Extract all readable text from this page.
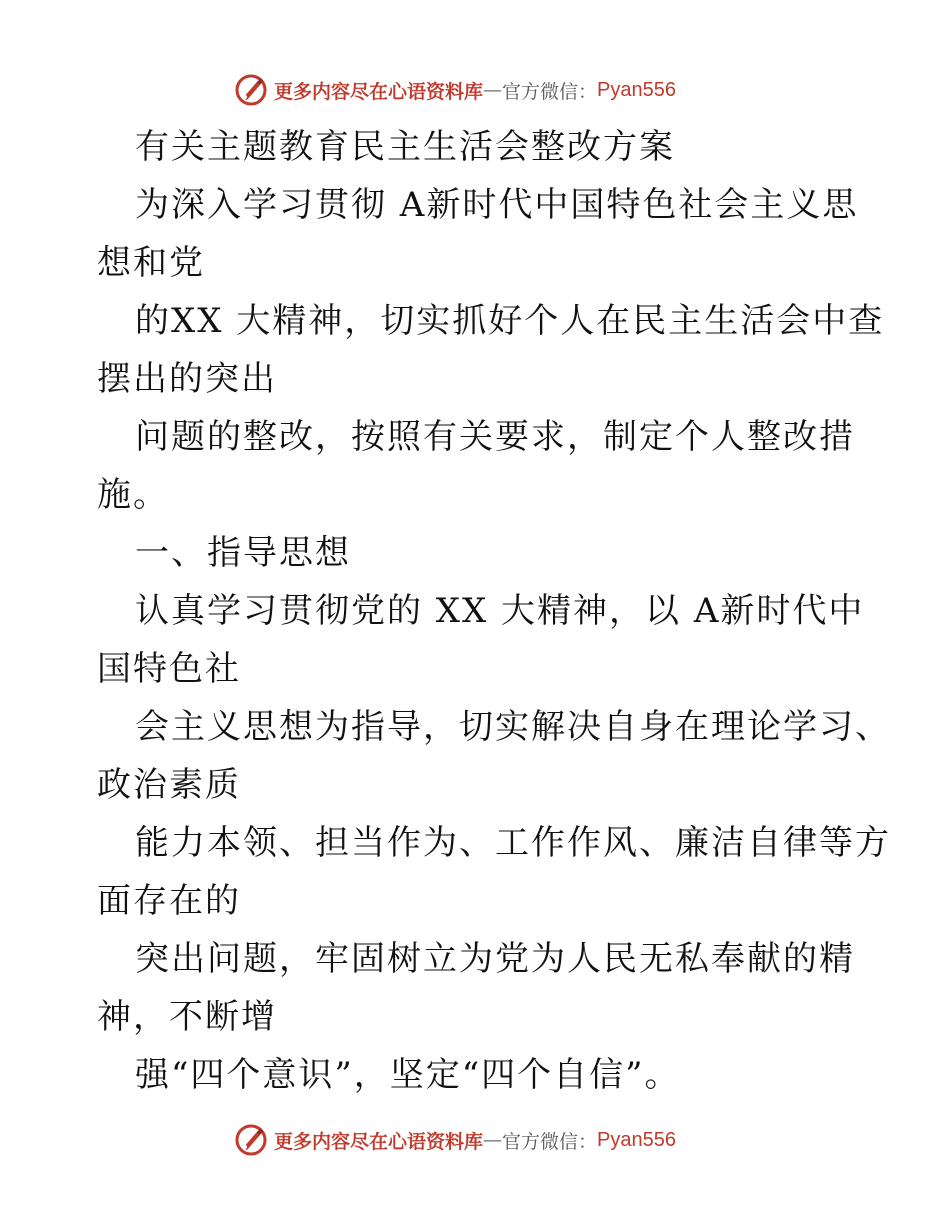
更多内容尽在心语资料库 — 官方微信： Pyan556
有关主题教育民主生活会整改方案
为深入学习贯彻 A新时代中国特色社会主义思
想和党
的XX 大精神，切实抓好个人在民主生活会中查
摆出的突出
问题的整改，按照有关要求，制定个人整改措
施。
一、指导思想
认真学习贯彻党的 XX 大精神，以 A新时代中
国特色社
会主义思想为指导，切实解决自身在理论学习、
政治素质
能力本领、担当作为、工作作风、廉洁自律等方
面存在的
突出问题，牢固树立为党为人民无私奉献的精
神，不断增
强“四个意识”，坚定“四个自信”。
更多内容尽在心语资料库 — 官方微信： Pyan556
